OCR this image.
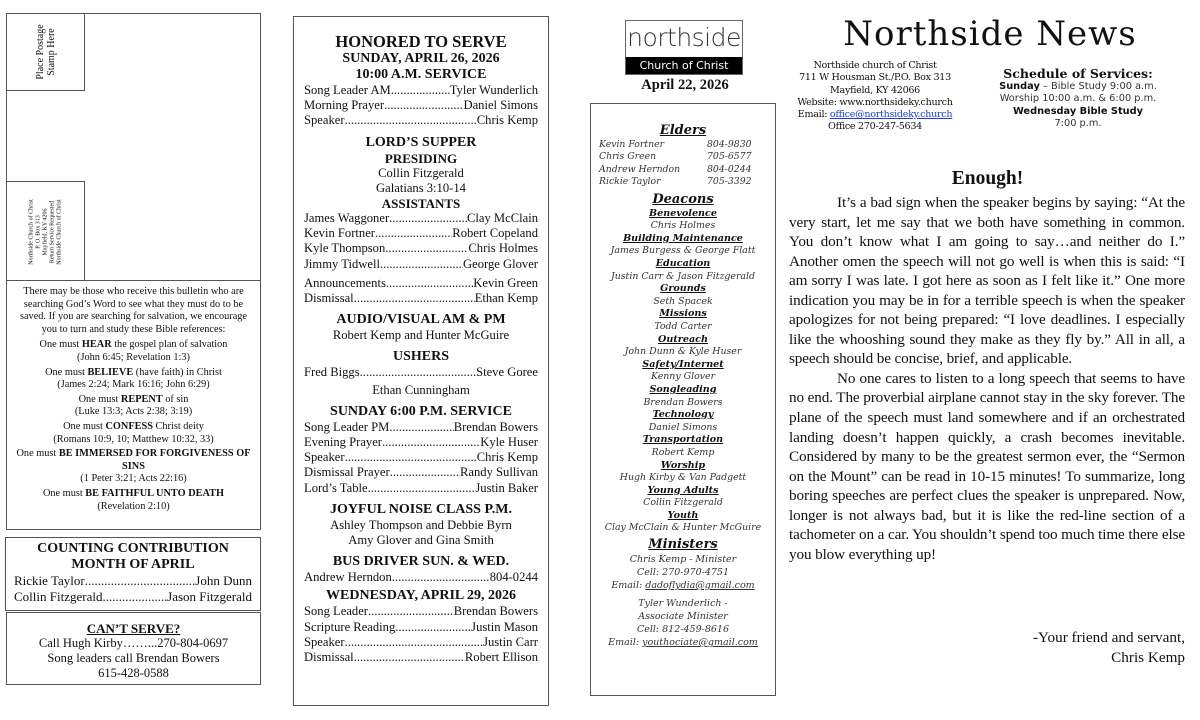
Place Postage Stamp Here
Northside Church of Christ P. O. Box 313 Mayfield, KY 4206 Return Service Requested Northside Church of Christ
There may be those who receive this bulletin who are searching God’s Word to see what they must do to be saved. If you are searching for salvation, we encourage you to turn and study these Bible references:
One must HEAR the gospel plan of salvation
(John 6:45; Revelation 1:3)
One must BELIEVE (have faith) in Christ
(James 2:24; Mark 16:16; John 6:29)
One must REPENT of sin
(Luke 13:3; Acts 2:38; 3:19)
One must CONFESS Christ deity
(Romans 10:9, 10; Matthew 10:32, 33)
One must BE IMMERSED FOR FORGIVENESS OF SINS
(1 Peter 3:21; Acts 22:16)
One must BE FAITHFUL UNTO DEATH
(Revelation 2:10)
COUNTING CONTRIBUTION
MONTH OF APRIL
Rickie Taylor .....	John Dunn
Collin Fitzgerald .....	Jason Fitzgerald
CAN’T SERVE?
Call Hugh Kirby ……... 270-804-0697
Song leaders call Brendan Bowers
615-428-0588
HONORED TO SERVE
SUNDAY, APRIL 26, 2026
10:00 A.M. SERVICE
Song Leader AM .....	Tyler Wunderlich
Morning Prayer .....	Daniel Simons
Speaker .....	Chris Kemp
LORD’S SUPPER
PRESIDING
Collin Fitzgerald
Galatians 3:10-14
ASSISTANTS
James Waggoner .....	Clay McClain
Kevin Fortner .....	Robert Copeland
Kyle Thompson .....	Chris Holmes
Jimmy Tidwell .....	George Glover
Announcements .....	Kevin Green
Dismissal .....	Ethan Kemp
AUDIO/VISUAL AM & PM
Robert Kemp and Hunter McGuire
USHERS
Fred Biggs .....	Steve Goree
Ethan Cunningham
SUNDAY 6:00 P.M. SERVICE
Song Leader PM .....	Brendan Bowers
Evening Prayer .....	Kyle Huser
Speaker .....	Chris Kemp
Dismissal Prayer .....	Randy Sullivan
Lord’s Table .....	Justin Baker
JOYFUL NOISE CLASS P.M.
Ashley Thompson and Debbie Byrn
Amy Glover and Gina Smith
BUS DRIVER SUN. & WED.
Andrew Herndon .....	804-0244
WEDNESDAY, APRIL 29, 2026
Song Leader .....	Brendan Bowers
Scripture Reading .....	Justin Mason
Speaker .....	Justin Carr
Dismissal .....	Robert Ellison
northside
Church of Christ
April 22, 2026
Elders
Kevin Fortner	804-9830
Chris Green	705-6577
Andrew Herndon	804-0244
Rickie Taylor	705-3392
Deacons
Benevolence
Chris Holmes
Building Maintenance
James Burgess & George Flatt
Education
Justin Carr & Jason Fitzgerald
Grounds
Seth Spacek
Missions
Todd Carter
Outreach
John Dunn & Kyle Huser
Safety/Internet
Kenny Glover
Songleading
Brendan Bowers
Technology
Daniel Simons
Transportation
Robert Kemp
Worship
Hugh Kirby & Van Padgett
Young Adults
Collin Fitzgerald
Youth
Clay McClain & Hunter McGuire
Ministers
Chris Kemp - Minister
Cell: 270-970-4751
Email: dadoflydia@gmail.com
Tyler Wunderlich -
Associate Minister
Cell: 812-459-8616
Email: youthociate@gmail.com
Northside News
Northside church of Christ
711 W Housman St./P.O. Box 313
Mayfield, KY 42066
Website: www.northsideky.church
Email: office@northsideky.church
Office 270-247-5634
Schedule of Services:
Sunday – Bible Study 9:00 a.m.
Worship 10:00 a.m. & 6:00 p.m.
Wednesday Bible Study
7:00 p.m.
Enough!

It’s a bad sign when the speaker begins by saying: “At the very start, let me say that we both have something in common. You don’t know what I am going to say…and neither do I.” Another omen the speech will not go well is when this is said: “I am sorry I was late. I got here as soon as I felt like it.” One more indication you may be in for a terrible speech is when the speaker apologizes for not being prepared: “I love deadlines. I especially like the whooshing sound they make as they fly by.” All in all, a speech should be concise, brief, and applicable.

No one cares to listen to a long speech that seems to have no end. The proverbial airplane cannot stay in the sky forever. The plane of the speech must land somewhere and if an orchestrated landing doesn’t happen quickly, a crash becomes inevitable. Considered by many to be the greatest sermon ever, the “Sermon on the Mount” can be read in 10-15 minutes! To summarize, long boring speeches are perfect clues the speaker is unprepared. Now, longer is not always bad, but it is like the red-line section of a tachometer on a car. You shouldn’t spend too much time there else you blow everything up!

-Your friend and servant,
Chris Kemp
